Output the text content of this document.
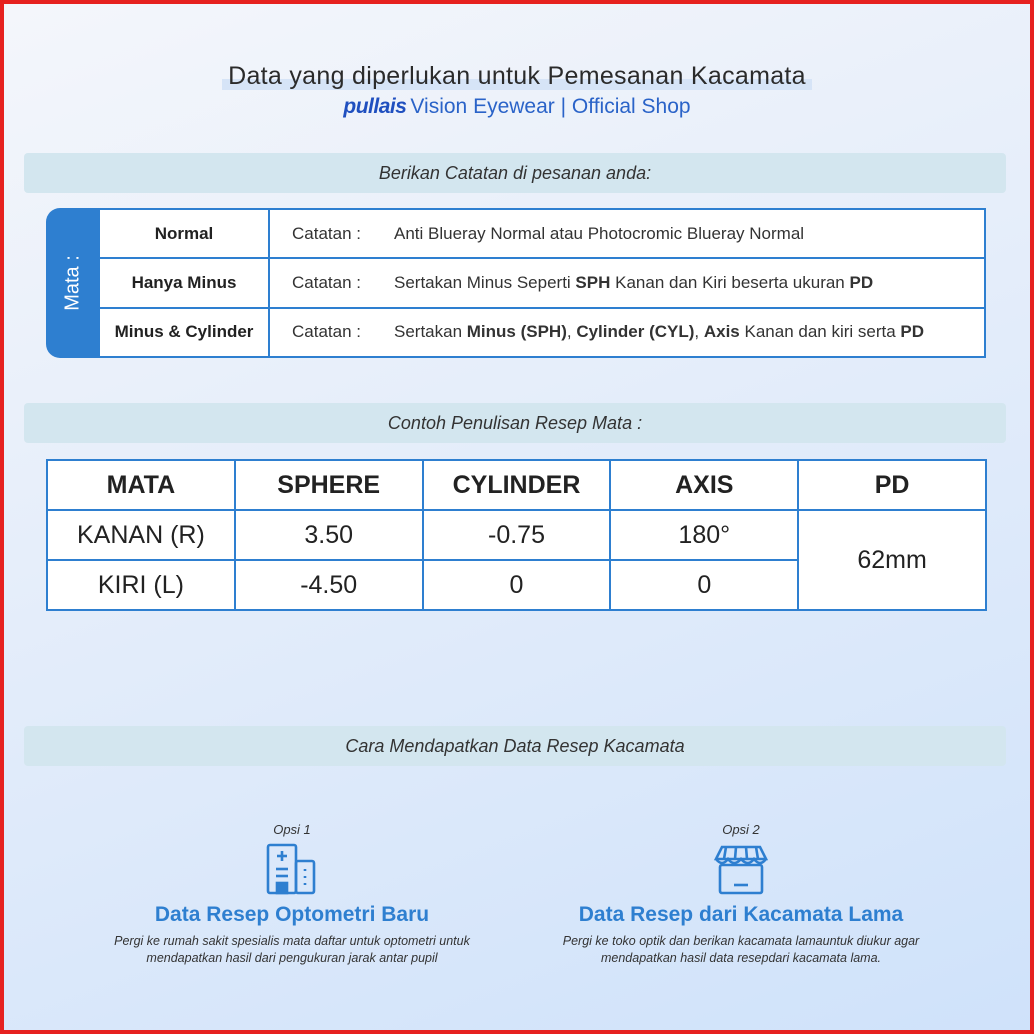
Data yang diperlukan untuk Pemesanan Kacamata
pullais Vision Eyewear | Official Shop
Berikan Catatan di pesanan anda:
Mata :
Normal	Catatan : Anti Blueray Normal atau Photocromic Blueray Normal
Hanya Minus	Catatan : Sertakan Minus Seperti SPH Kanan dan Kiri beserta ukuran PD
Minus & Cylinder	Catatan : Sertakan Minus (SPH), Cylinder (CYL), Axis Kanan dan kiri serta PD
Contoh Penulisan Resep Mata :
MATA	SPHERE	CYLINDER	AXIS	PD
KANAN (R)	3.50	-0.75	180°	62mm
KIRI (L)	-4.50	0	0	
Cara Mendapatkan Data Resep Kacamata
Opsi 1
Data Resep Optometri Baru
Pergi ke rumah sakit spesialis mata daftar untuk optometri untuk
mendapatkan hasil dari pengukuran jarak antar pupil
Opsi 2
Data Resep dari Kacamata Lama
Pergi ke toko optik dan berikan kacamata lamauntuk diukur agar
mendapatkan hasil data resepdari kacamata lama.
